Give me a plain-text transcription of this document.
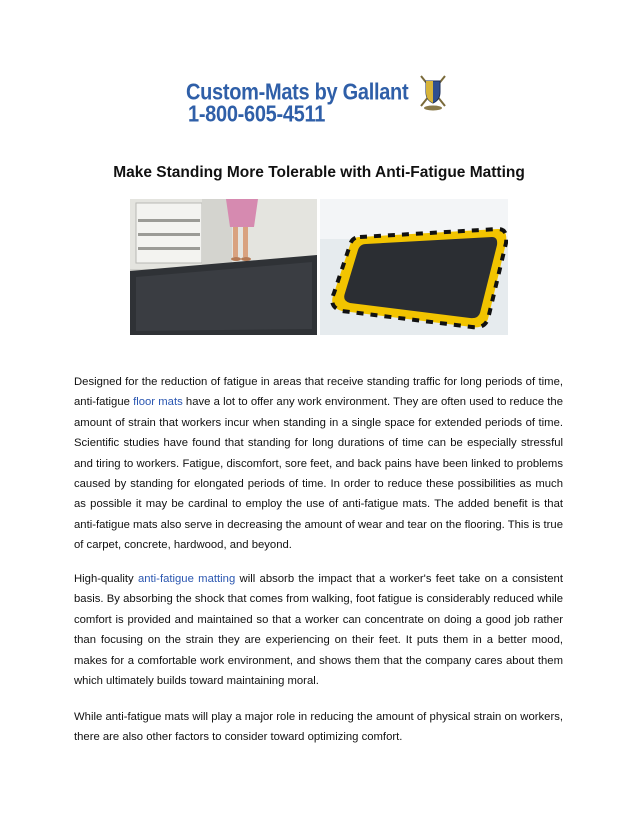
Custom-Mats by Gallant
1-800-605-4511
Make Standing More Tolerable with Anti-Fatigue Matting

Designed for the reduction of fatigue in areas that receive standing traffic for long periods of time, anti-fatigue floor mats have a lot to offer any work environment. They are often used to reduce the amount of strain that workers incur when standing in a single space for extended periods of time. Scientific studies have found that standing for long durations of time can be especially stressful and tiring to workers. Fatigue, discomfort, sore feet, and back pains have been linked to problems caused by standing for elongated periods of time. In order to reduce these possibilities as much as possible it may be cardinal to employ the use of anti-fatigue mats. The added benefit is that anti-fatigue mats also serve in decreasing the amount of wear and tear on the flooring. This is true of carpet, concrete, hardwood, and beyond.

High-quality anti-fatigue matting will absorb the impact that a worker's feet take on a consistent basis. By absorbing the shock that comes from walking, foot fatigue is considerably reduced while comfort is provided and maintained so that a worker can concentrate on doing a good job rather than focusing on the strain they are experiencing on their feet. It puts them in a better mood, makes for a comfortable work environment, and shows them that the company cares about them which ultimately builds toward maintaining moral.

While anti-fatigue mats will play a major role in reducing the amount of physical strain on workers, there are also other factors to consider toward optimizing comfort.
